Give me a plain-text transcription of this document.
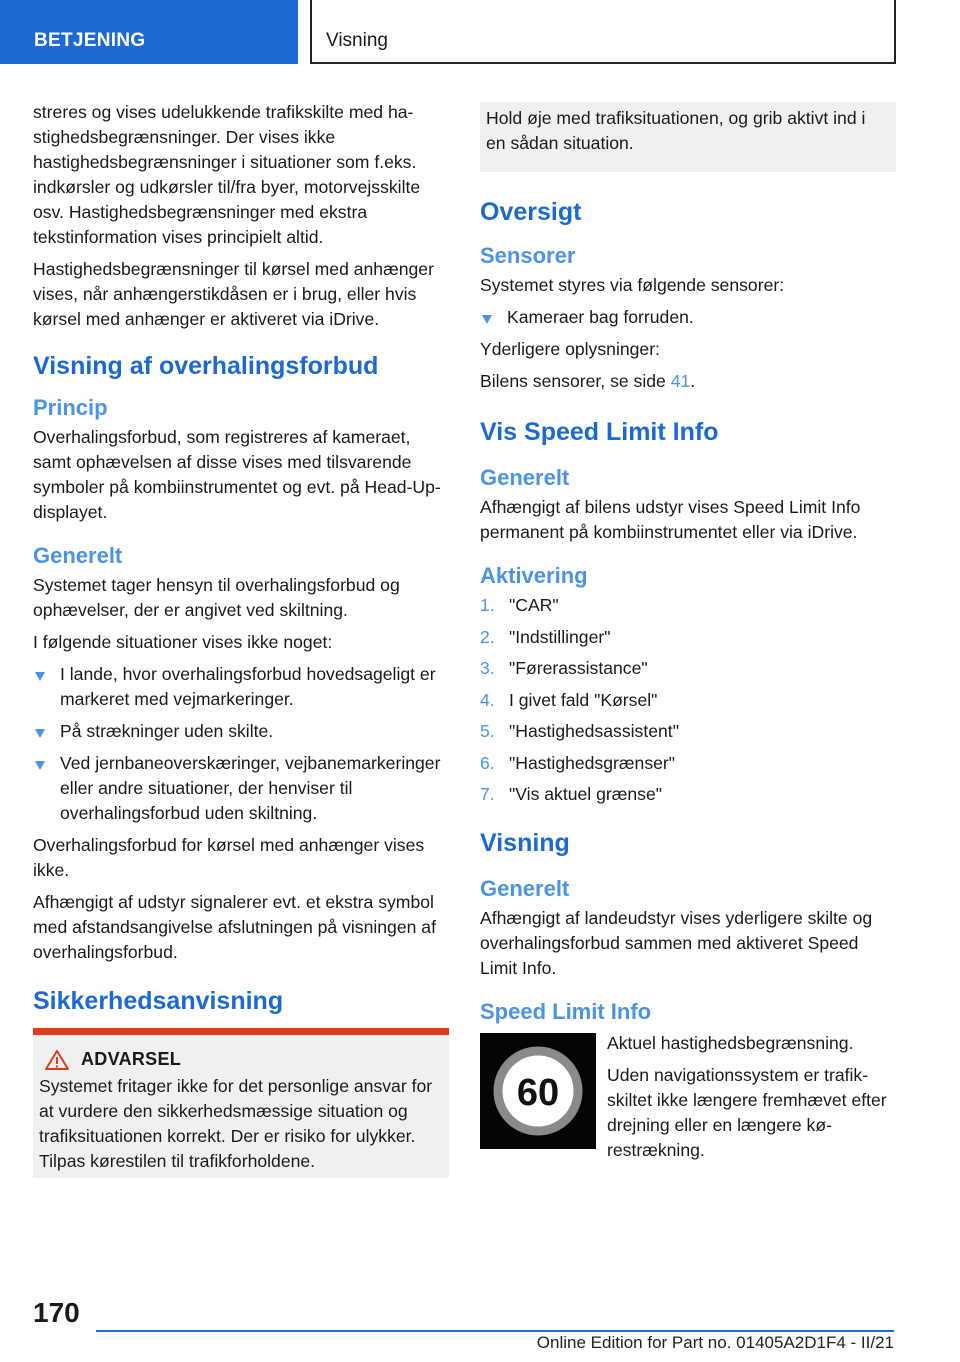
BETJENING	Visning

streres og vises udelukkende trafikskilte med hastighedsbegrænsninger. Der vises ikke hastighedsbegrænsninger i situationer som f.eks. indkørsler og udkørsler til/fra byer, motorvejsskilte osv. Hastighedsbegrænsninger med ekstra tekstinformation vises principielt altid.

Hastighedsbegrænsninger til kørsel med anhænger vises, når anhængerstikdåsen er i brug, eller hvis kørsel med anhænger er aktiveret via iDrive.

Visning af overhalingsforbud
Princip

Overhalingsforbud, som registreres af kameraet, samt ophævelsen af disse vises med tilsvarende symboler på kombiinstrumentet og evt. på Head-Up-displayet.

Generelt

Systemet tager hensyn til overhalingsforbud og ophævelser, der er angivet ved skiltning.

I følgende situationer vises ikke noget:

I lande, hvor overhalingsforbud hovedsageligt er markeret med vejmarkeringer.
På strækninger uden skilte.
Ved jernbaneoverskæringer, vejbanemarkeringer eller andre situationer, der henviser til overhalingsforbud uden skiltning.

Overhalingsforbud for kørsel med anhænger vises ikke.

Afhængigt af udstyr signalerer evt. et ekstra symbol med afstandsangivelse afslutningen på visningen af overhalingsforbud.

Sikkerhedsanvisning
ADVARSEL

Systemet fritager ikke for det personlige ansvar for at vurdere den sikkerhedsmæssige situation og trafiksituationen korrekt. Der er risiko for ulykker. Tilpas kørestilen til trafikforholdene.

Hold øje med trafiksituationen, og grib aktivt ind i en sådan situation.

Oversigt
Sensorer

Systemet styres via følgende sensorer:

Kameraer bag forruden.

Yderligere oplysninger:

Bilens sensorer, se side 41.

Vis Speed Limit Info
Generelt

Afhængigt af bilens udstyr vises Speed Limit Info permanent på kombiinstrumentet eller via iDrive.

Aktivering
1. "CAR"
2. "Indstillinger"
3. "Førerassistance"
4. I givet fald "Kørsel"
5. "Hastighedsassistent"
6. "Hastighedsgrænser"
7. "Vis aktuel grænse"
Visning
Generelt

Afhængigt af landeudstyr vises yderligere skilte og overhalingsforbud sammen med aktiveret Speed Limit Info.

Speed Limit Info
60

Aktuel hastighedsbegrænsning.

Uden navigationssystem er trafikskiltet ikke længere fremhævet efter drejning eller en længere kørestrækning.

170
Online Edition for Part no. 01405A2D1F4 - II/21
